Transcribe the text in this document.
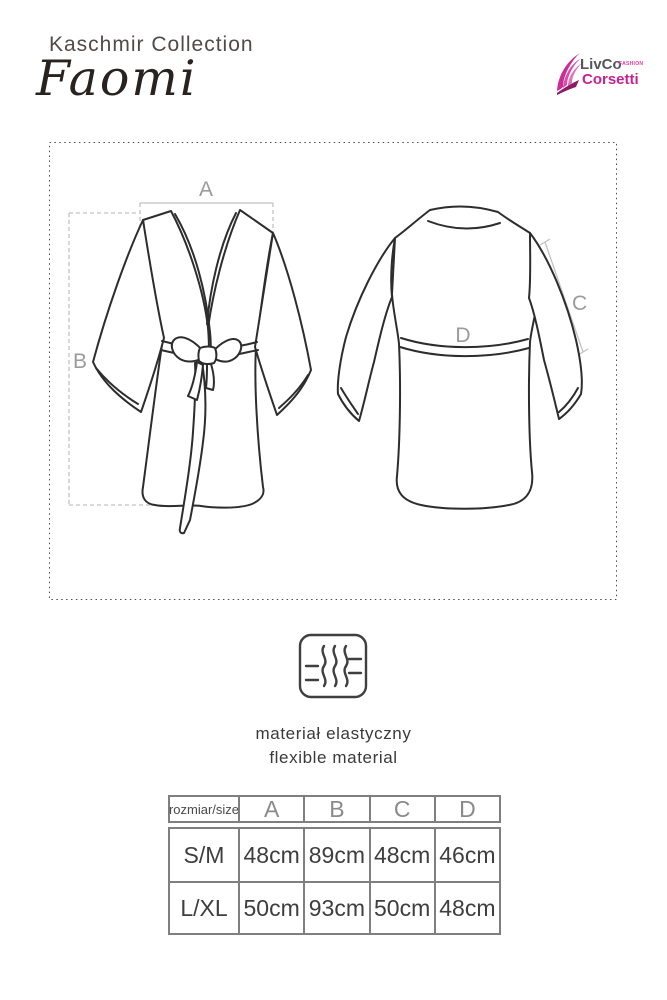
Kaschmir Collection
Faomi	LivCo
FASHION
Corsetti
A
B
C
D
materiał elastyczny
flexible material
rozmiar/size	A	B	C	D
S/M 48cm 89cm 48cm 46cm
L/XL 50cm 93cm 50cm 48cm
